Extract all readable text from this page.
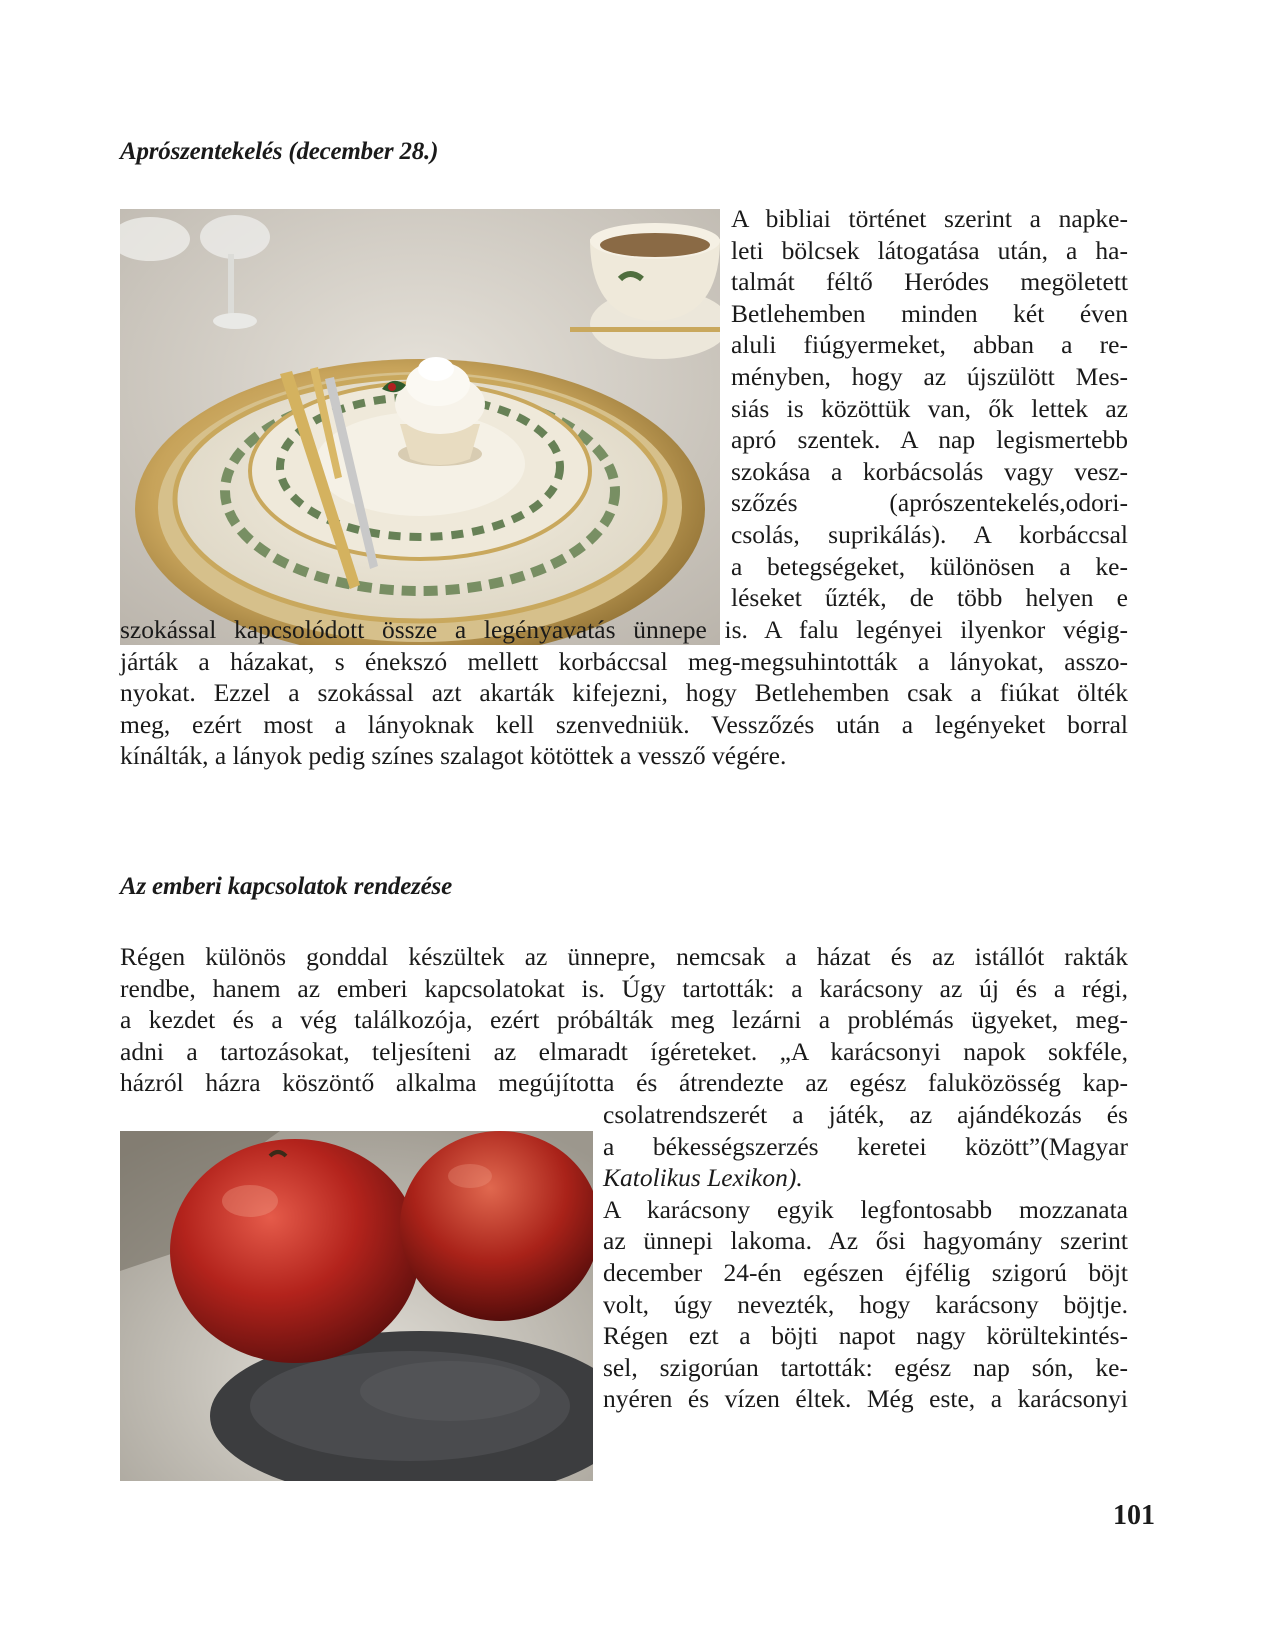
Aprószentekelés (december 28.)
A bibliai történet szerint a napke-
leti bölcsek látogatása után, a ha-
talmát féltő Heródes megöletett
Betlehemben minden két éven
aluli fiúgyermeket, abban a re-
ményben, hogy az újszülött Mes-
siás is közöttük van, ők lettek az
apró szentek. A nap legismertebb
szokása a korbácsolás vagy vesz-
szőzés (aprószentekelés,odori-
csolás, suprikálás). A korbáccsal
a betegségeket, különösen a ke-
léseket űzték, de több helyen e
szokással kapcsolódott össze a legényavatás ünnepe is. A falu legényei ilyenkor végig-
járták a házakat, s énekszó mellett korbáccsal meg-megsuhintották a lányokat, asszo-
nyokat. Ezzel a szokással azt akarták kifejezni, hogy Betlehemben csak a fiúkat ölték
meg, ezért most a lányoknak kell szenvedniük. Vesszőzés után a legényeket borral
kínálták, a lányok pedig színes szalagot kötöttek a vessző végére.
Az emberi kapcsolatok rendezése
Régen különös gonddal készültek az ünnepre, nemcsak a házat és az istállót rakták
rendbe, hanem az emberi kapcsolatokat is. Úgy tartották: a karácsony az új és a régi,
a kezdet és a vég találkozója, ezért próbálták meg lezárni a problémás ügyeket, meg-
adni a tartozásokat, teljesíteni az elmaradt ígéreteket. „A karácsonyi napok sokféle,
házról házra köszöntő alkalma megújította és átrendezte az egész faluközösség kap-
csolatrendszerét a játék, az ajándékozás és
a békességszerzés keretei között”(Magyar
Katolikus Lexikon).
A karácsony egyik legfontosabb mozzanata
az ünnepi lakoma. Az ősi hagyomány szerint
december 24-én egészen éjfélig szigorú böjt
volt, úgy nevezték, hogy karácsony böjtje.
Régen ezt a böjti napot nagy körültekintés-
sel, szigorúan tartották: egész nap són, ke-
nyéren és vízen éltek. Még este, a karácsonyi

101
